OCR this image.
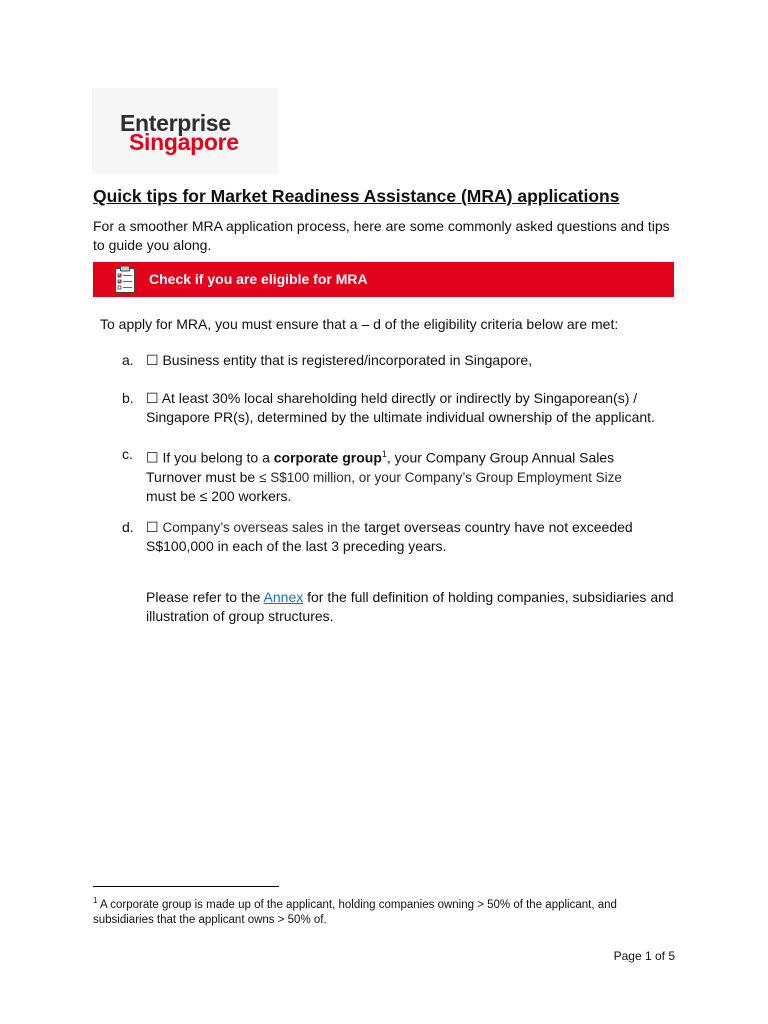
Enterprise
Singapore
Quick tips for Market Readiness Assistance (MRA) applications
For a smoother MRA application process, here are some commonly asked questions and tips to guide you along.
Check if you are eligible for MRA
To apply for MRA, you must ensure that a – d of the eligibility criteria below are met:
a. ☐ Business entity that is registered/incorporated in Singapore,
b. ☐ At least 30% local shareholding held directly or indirectly by Singaporean(s) / Singapore PR(s), determined by the ultimate individual ownership of the applicant.
c. ☐ If you belong to a corporate group$^1$, your Company Group Annual Sales Turnover must be ≤ S$100 million, or your Company’s Group Employment Size must be ≤ 200 workers.
d. ☐ Company’s overseas sales in the target overseas country have not exceeded S$100,000 in each of the last 3 preceding years.
Please refer to the Annex for the full definition of holding companies, subsidiaries and illustration of group structures.
$^1$ A corporate group is made up of the applicant, holding companies owning > 50% of the applicant, and subsidiaries that the applicant owns > 50% of.
Page 1 of 5
